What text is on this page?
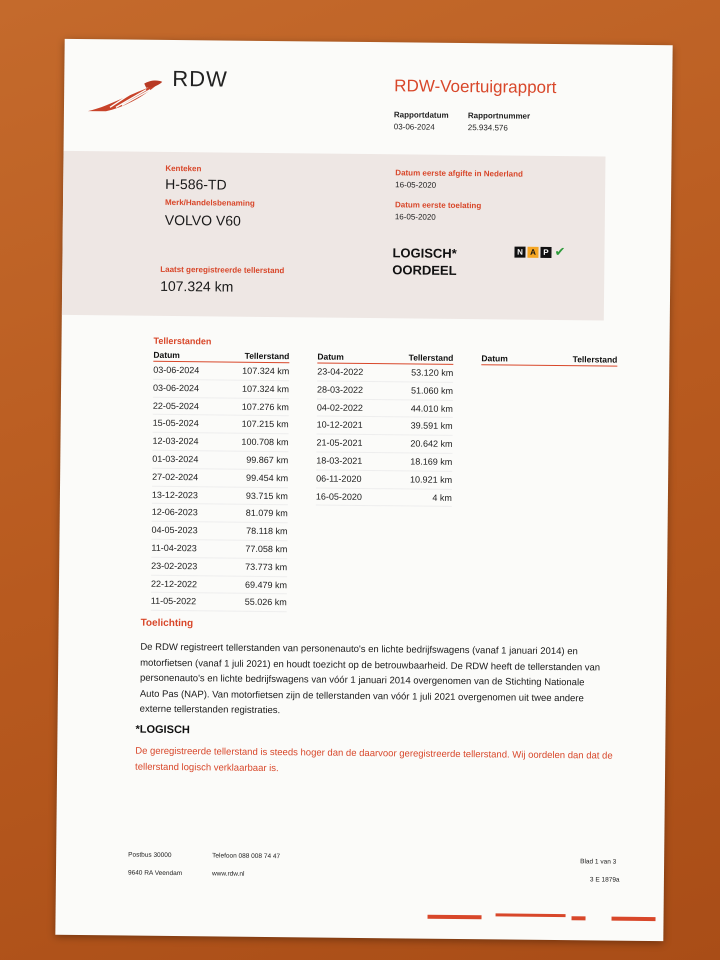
RDW	RDW-Voertuigrapport
Rapportdatum
03-06-2024
Rapportnummer
25.934.576
Kenteken
H-586-TD
Merk/Handelsbenaming
VOLVO V60
Laatst geregistreerde tellerstand
107.324 km
Datum eerste afgifte in Nederland
16-05-2020
Datum eerste toelating
16-05-2020
LOGISCH*
OORDEEL
N A P ✔
Tellerstanden
Datum	Tellerstand
03-06-2024	107.324 km
03-06-2024	107.324 km
22-05-2024	107.276 km
15-05-2024	107.215 km
12-03-2024	100.708 km
01-03-2024	99.867 km
27-02-2024	99.454 km
13-12-2023	93.715 km
12-06-2023	81.079 km
04-05-2023	78.118 km
11-04-2023	77.058 km
23-02-2023	73.773 km
22-12-2022	69.479 km
11-05-2022	55.026 km
Datum	Tellerstand
23-04-2022	53.120 km
28-03-2022	51.060 km
04-02-2022	44.010 km
10-12-2021	39.591 km
21-05-2021	20.642 km
18-03-2021	18.169 km
06-11-2020	10.921 km
16-05-2020	4 km
Datum	Tellerstand
Toelichting
De RDW registreert tellerstanden van personenauto's en lichte bedrijfswagens (vanaf 1 januari 2014) en motorfietsen (vanaf 1 juli 2021) en houdt toezicht op de betrouwbaarheid. De RDW heeft de tellerstanden van personenauto's en lichte bedrijfswagens van vóór 1 januari 2014 overgenomen van de Stichting Nationale Auto Pas (NAP). Van motorfietsen zijn de tellerstanden van vóór 1 juli 2021 overgenomen uit twee andere externe tellerstanden registraties.
*LOGISCH
De geregistreerde tellerstand is steeds hoger dan de daarvoor geregistreerde tellerstand. Wij oordelen dan dat de tellerstand logisch verklaarbaar is.
Postbus 30000
9640 RA Veendam
Telefoon 088 008 74 47
www.rdw.nl
Blad 1 van 3
3 E 1879a
